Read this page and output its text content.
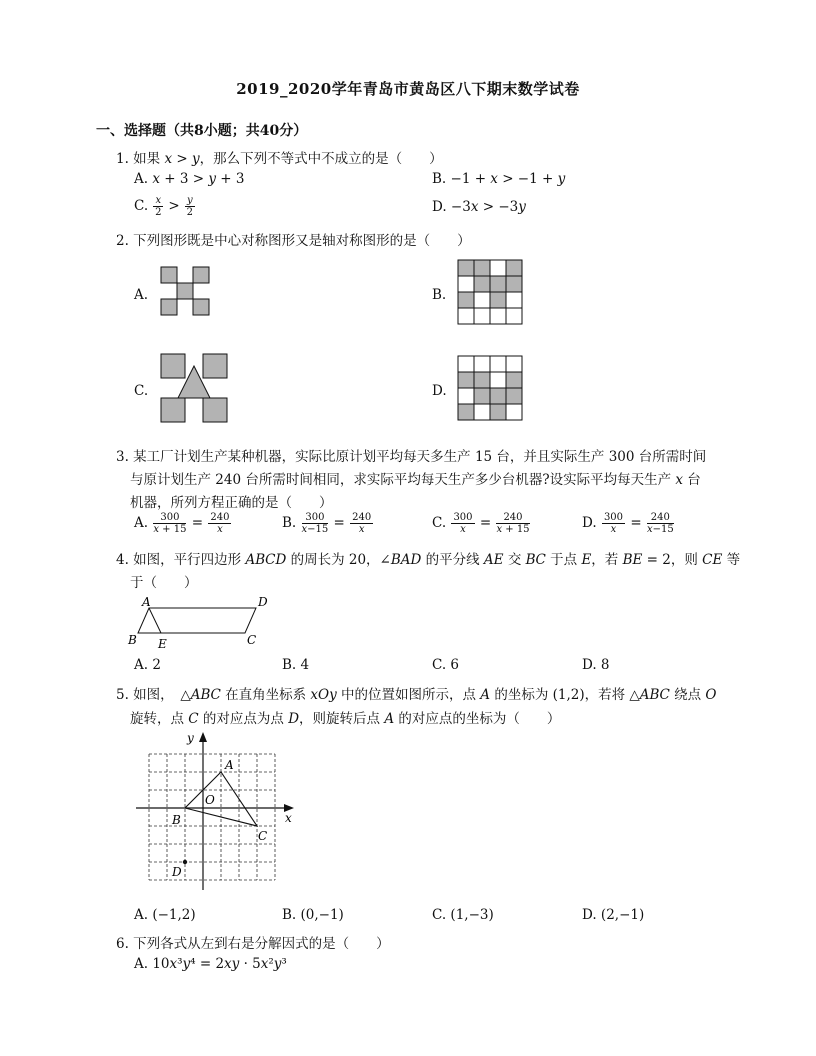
2019_2020学年青岛市黄岛区八下期末数学试卷
一、选择题（共8小题；共40分）
1. 如果 𝑥 > 𝑦，那么下列不等式中不成立的是（　　）
A. 𝑥 + 3 > 𝑦 + 3	B. −1 + 𝑥 > −1 + 𝑦
C. $\frac{\text{𝑥}}{2} > \frac{\text{𝑦}}{2}$	D. −3𝑥 > −3𝑦
2. 下列图形既是中心对称图形又是轴对称图形的是（　　）
A.	B.
C.	D.
3. 某工厂计划生产某种机器，实际比原计划平均每天多生产 15 台，并且实际生产 300 台所需时间
与原计划生产 240 台所需时间相同，求实际平均每天生产多少台机器?设实际平均每天生产 𝑥 台
机器，所列方程正确的是（　　）
A. $\frac{300}{\text{𝑥 + 15}} = \frac{240}{\text{𝑥}}$	B. $\frac{300}{\text{𝑥−15}} = \frac{240}{\text{𝑥}}$	C. $\frac{300}{\text{𝑥}} = \frac{240}{\text{𝑥 + 15}}$	D. $\frac{300}{\text{𝑥}} = \frac{240}{\text{𝑥−15}}$
4. 如图，平行四边形 𝐴𝐵𝐶𝐷 的周长为 20，∠𝐵𝐴𝐷 的平分线 𝐴𝐸 交 𝐵𝐶 于点 𝐸，若 𝐵𝐸 = 2，则 𝐶𝐸 等
于（　　）
A	D
B E	C
A. 2	B. 4	C. 6	D. 8
5. 如图，　△𝐴𝐵𝐶 在直角坐标系 𝑥𝑂𝑦 中的位置如图所示，点 𝐴 的坐标为 (1,2)，若将 △𝐴𝐵𝐶 绕点 𝑂
旋转，点 𝐶 的对应点为点 𝐷，则旋转后点 𝐴 的对应点的坐标为（　　）
y
x
A
O
B
C
D
A. (−1,2)	B. (0,−1)	C. (1,−3)	D. (2,−1)
6. 下列各式从左到右是分解因式的是（　　）
A. 10𝑥³𝑦⁴ = 2𝑥𝑦 · 5𝑥²𝑦³
